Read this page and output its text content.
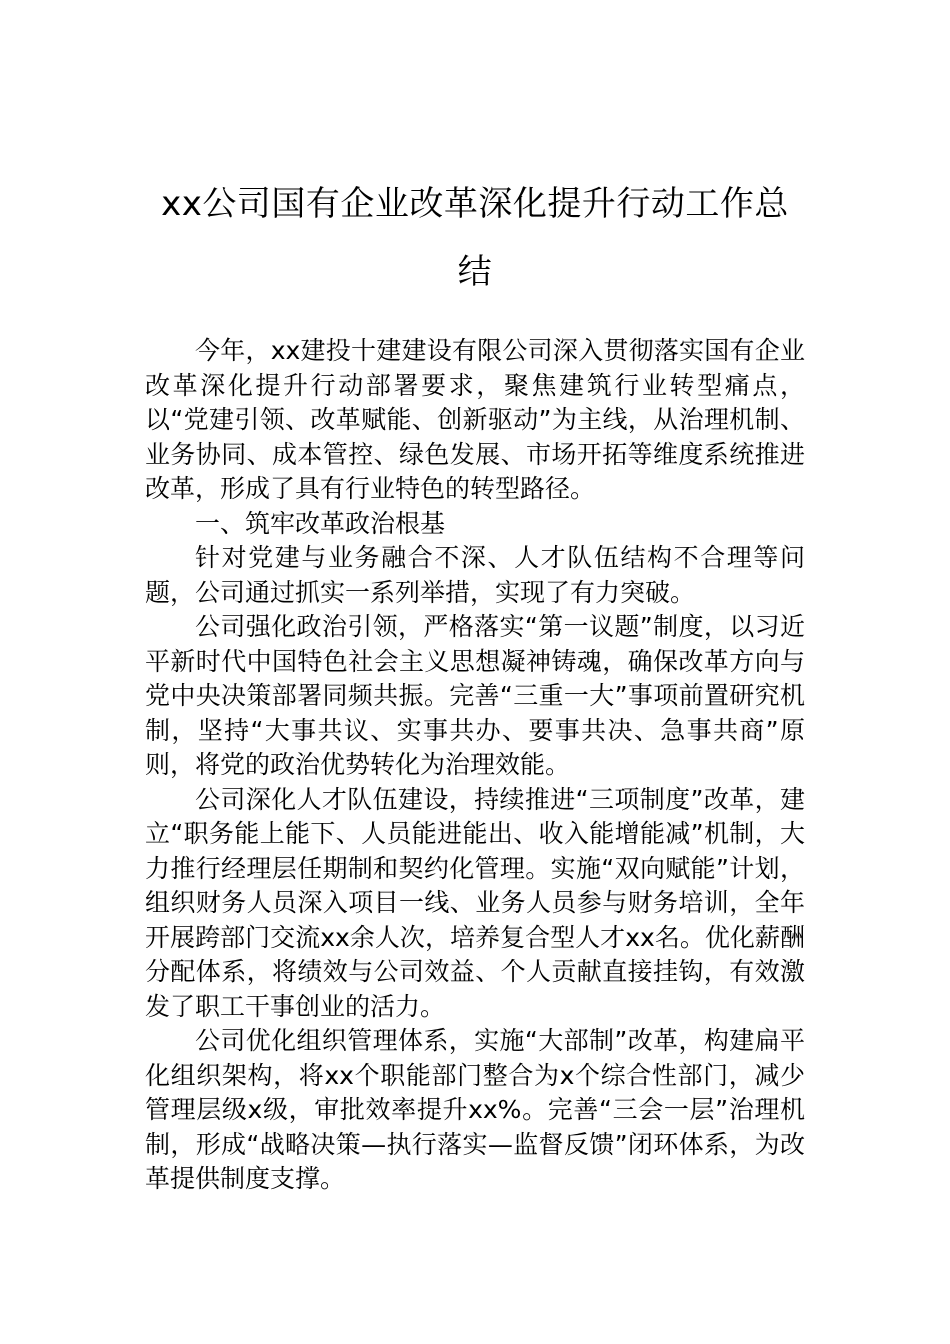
xx公司国有企业改革深化提升行动工作总结

今年，xx建投十建建设有限公司深入贯彻落实国有企业改革深化提升行动部署要求，聚焦建筑行业转型痛点，以“党建引领、改革赋能、创新驱动”为主线，从治理机制、业务协同、成本管控、绿色发展、市场开拓等维度系统推进改革，形成了具有行业特色的转型路径。

一、筑牢改革政治根基

针对党建与业务融合不深、人才队伍结构不合理等问题，公司通过抓实一系列举措，实现了有力突破。

公司强化政治引领，严格落实“第一议题”制度，以习近平新时代中国特色社会主义思想凝神铸魂，确保改革方向与党中央决策部署同频共振。完善“三重一大”事项前置研究机制，坚持“大事共议、实事共办、要事共决、急事共商”原则，将党的政治优势转化为治理效能。

公司深化人才队伍建设，持续推进“三项制度”改革，建立“职务能上能下、人员能进能出、收入能增能减”机制，大力推行经理层任期制和契约化管理。实施“双向赋能”计划，组织财务人员深入项目一线、业务人员参与财务培训，全年开展跨部门交流xx余人次，培养复合型人才xx名。优化薪酬分配体系，将绩效与公司效益、个人贡献直接挂钩，有效激发了职工干事创业的活力。

公司优化组织管理体系，实施“大部制”改革，构建扁平化组织架构，将xx个职能部门整合为x个综合性部门，减少管理层级x级，审批效率提升xx%。完善“三会一层”治理机制，形成“战略决策—执行落实—监督反馈”闭环体系，为改革提供制度支撑。
